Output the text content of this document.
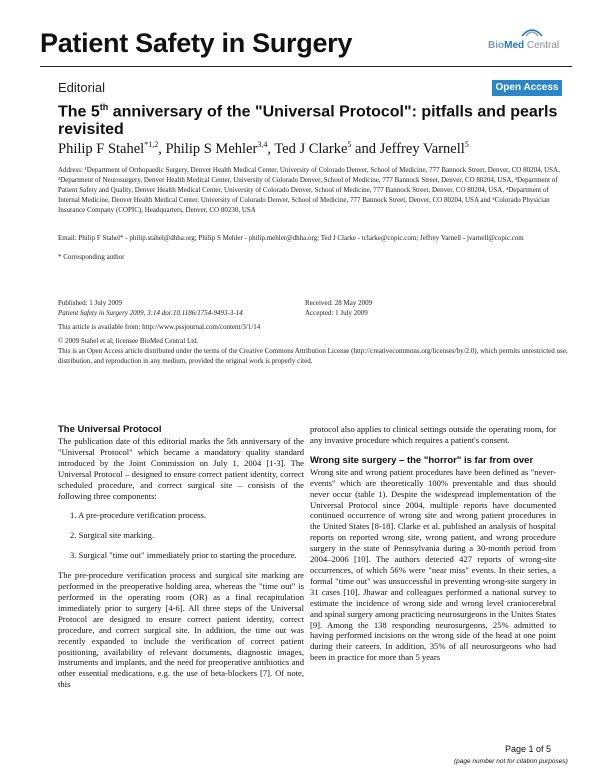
Patient Safety in Surgery	BioMed Central
Editorial	Open Access
The 5th anniversary of the "Universal Protocol": pitfalls and pearls revisited
Philip F Stahel$^{*1,2}$, Philip S Mehler$^{3,4}$, Ted J Clarke$^5$ and Jeffrey Varnell$^5$
Address: ¹Department of Orthopaedic Surgery, Denver Health Medical Center, University of Colorado Denver, School of Medicine, 777 Bannock Street, Denver, CO 80204, USA, ²Department of Neurosurgery, Denver Health Medical Center, University of Colorado Denver, School of Medicine, 777 Bannock Street, Denver, CO 80204, USA, ³Department of Patient Safety and Quality, Denver Health Medical Center, University of Colorado Denver, School of Medicine, 777 Bannock Street, Denver, CO 80204, USA, ⁴Department of Internal Medicine, Denver Health Medical Center, University of Colorado Denver, School of Medicine, 777 Bannock Street, Denver, CO 80204, USA and ⁵Colorado Physician Insurance Company (COPIC), Headquarters, Denver, CO 80230, USA
Email: Philip F Stahel* - philip.stahel@dhha.org; Philip S Mehler - philip.mehler@dhha.org; Ted J Clarke - tclarke@copic.com; Jeffrey Varnell - jvarnell@copic.com
* Corresponding author
Published: 1 July 2009
Patient Safety in Surgery 2009, 3:14 doi:10.1186/1754-9493-3-14
Received: 28 May 2009
Accepted: 1 July 2009
This article is available from: http://www.pssjournal.com/content/3/1/14
© 2009 Stahel et al; licensee BioMed Central Ltd.
This is an Open Access article distributed under the terms of the Creative Commons Attribution License (http://creativecommons.org/licenses/by/2.0), which permits unrestricted use, distribution, and reproduction in any medium, provided the original work is properly cited.
The Universal Protocol

The publication date of this editorial marks the 5th anniversary of the "Universal Protocol" which became a mandatory quality standard introduced by the Joint Commission on July 1, 2004 [1-3]. The Universal Protocol – designed to ensure correct patient identity, correct scheduled procedure, and correct surgical site – consists of the following three components:

1. A pre-procedure verification process.
2. Surgical site marking.
3. Surgical "time out" immediately prior to starting the procedure.

The pre-procedure verification process and surgical site marking are performed in the preoperative holding area, whereas the "time out" is performed in the operating room (OR) as a final recapitulation immediately prior to surgery [4-6]. All three steps of the Universal Protocol are designed to ensure correct patient identity, correct procedure, and correct surgical site. In addition, the time out was recently expanded to include the verification of correct patient positioning, availability of relevant documents, diagnostic images, instruments and implants, and the need for preoperative antibiotics and other essential medications, e.g. the use of beta-blockers [7]. Of note, this

protocol also applies to clinical settings outside the operating room, for any invasive procedure which requires a patient's consent.

Wrong site surgery – the "horror" is far from over

Wrong site and wrong patient procedures have been defined as "never-events" which are theoretically 100% preventable and thus should never occur (table 1). Despite the widespread implementation of the Universal Protocol since 2004, multiple reports have documented continued occurrence of wrong site and wrong patient procedures in the United States [8-18]. Clarke et al. published an analysis of hospital reports on reported wrong site, wrong patient, and wrong procedure surgery in the state of Pennsylvania during a 30-month period from 2004–2006 [10]. The authors detected 427 reports of wrong-site occurrences, of which 56% were "near miss" events. In their series, a formal "time out" was unsuccessful in preventing wrong-site surgery in 31 cases [10]. Jhawar and colleagues performed a national survey to estimate the incidence of wrong side and wrong level craniocerebral and spinal surgery among practicing neurosurgeons in the Unites States [9]. Among the 138 responding neurosurgeons, 25% admitted to having performed incisions on the wrong side of the head at one point during their careers. In addition, 35% of all neurosurgeons who had been in practice for more than 5 years

Page 1 of 5
(page number not for citation purposes)
